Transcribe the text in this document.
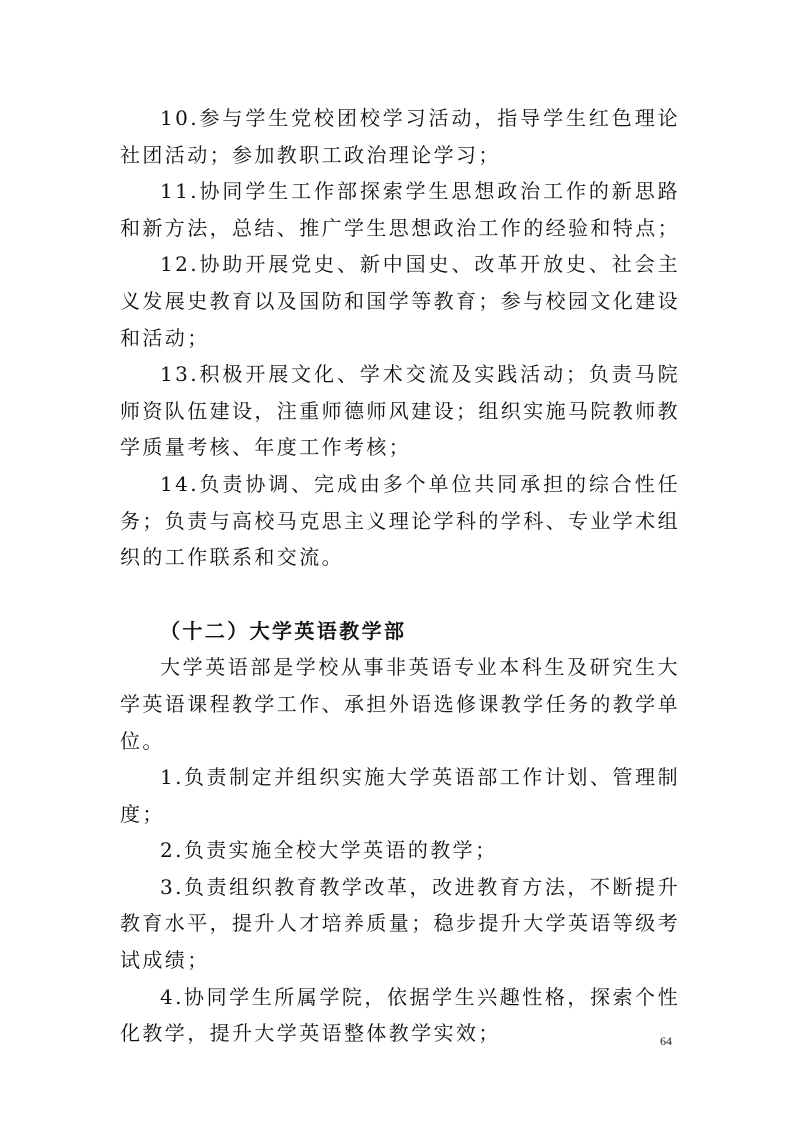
10.参与学生党校团校学习活动，指导学生红色理论社团活动；参加教职工政治理论学习；

11.协同学生工作部探索学生思想政治工作的新思路和新方法，总结、推广学生思想政治工作的经验和特点；

12.协助开展党史、新中国史、改革开放史、社会主义发展史教育以及国防和国学等教育；参与校园文化建设和活动；

13.积极开展文化、学术交流及实践活动；负责马院师资队伍建设，注重师德师风建设；组织实施马院教师教学质量考核、年度工作考核；

14.负责协调、完成由多个单位共同承担的综合性任务；负责与高校马克思主义理论学科的学科、专业学术组织的工作联系和交流。

（十二）大学英语教学部

大学英语部是学校从事非英语专业本科生及研究生大学英语课程教学工作、承担外语选修课教学任务的教学单位。

1.负责制定并组织实施大学英语部工作计划、管理制度；

2.负责实施全校大学英语的教学；

3.负责组织教育教学改革，改进教育方法，不断提升教育水平，提升人才培养质量；稳步提升大学英语等级考试成绩；

4.协同学生所属学院，依据学生兴趣性格，探索个性化教学，提升大学英语整体教学实效；	64
